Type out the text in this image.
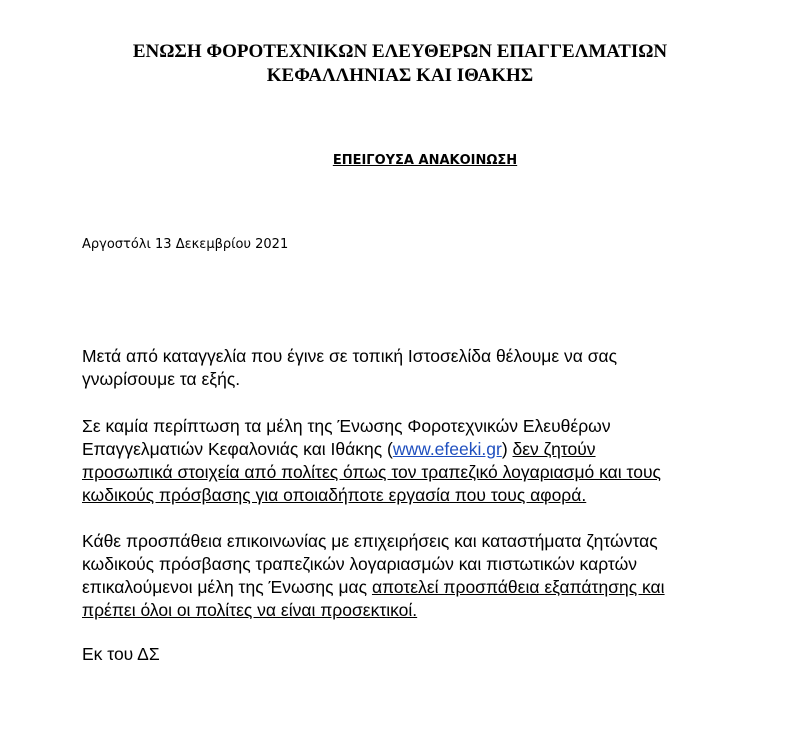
ΕΝΩΣΗ ΦΟΡΟΤΕΧΝΙΚΩΝ ΕΛΕΥΘΕΡΩΝ ΕΠΑΓΓΕΛΜΑΤΙΩΝ
ΚΕΦΑΛΛΗΝΙΑΣ ΚΑΙ ΙΘΑΚΗΣ
ΕΠΕΙΓΟΥΣΑ ΑΝΑΚΟΙΝΩΣΗ

Αργοστόλι 13 Δεκεμβρίου 2021

Μετά από καταγγελία που έγινε σε τοπική Ιστοσελίδα θέλουμε να σας
γνωρίσουμε τα εξής.

Σε καμία περίπτωση τα μέλη της Ένωσης Φοροτεχνικών Ελευθέρων
Επαγγελματιών Κεφαλονιάς και Ιθάκης (www.efeeki.gr) δεν ζητούν
προσωπικά στοιχεία από πολίτες όπως τον τραπεζικό λογαριασμό και τους
κωδικούς πρόσβασης για οποιαδήποτε εργασία που τους αφορά.

Κάθε προσπάθεια επικοινωνίας με επιχειρήσεις και καταστήματα ζητώντας
κωδικούς πρόσβασης τραπεζικών λογαριασμών και πιστωτικών καρτών
επικαλούμενοι μέλη της Ένωσης μας αποτελεί προσπάθεια εξαπάτησης και
πρέπει όλοι οι πολίτες να είναι προσεκτικοί.

Εκ του ΔΣ
